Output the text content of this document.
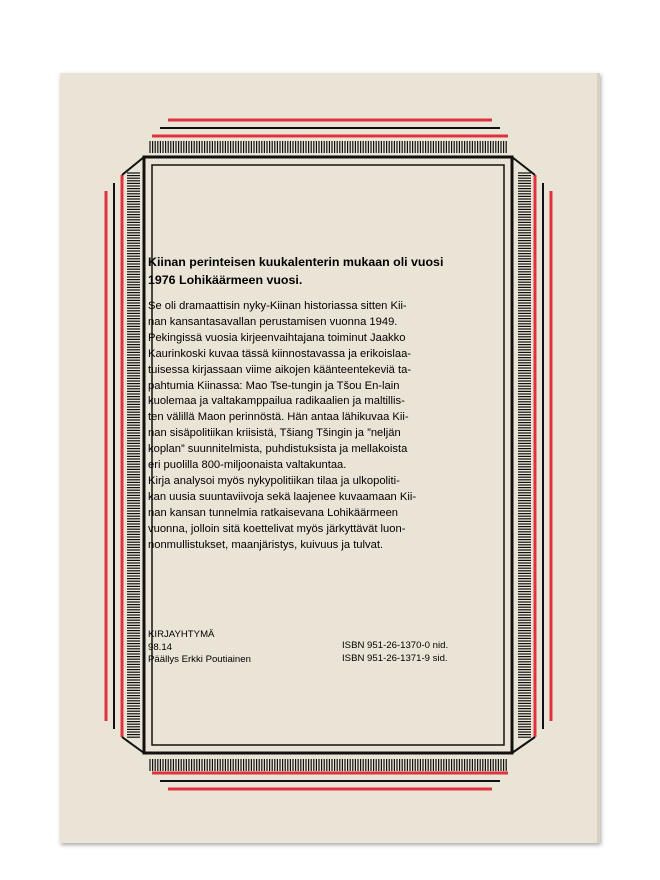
Kiinan perinteisen kuukalenterin mukaan oli vuosi
1976 Lohikäärmeen vuosi.

Se oli dramaattisin nyky-Kiinan historiassa sitten Kii-
nan kansantasavallan perustamisen vuonna 1949.
Pekingissä vuosia kirjeenvaihtajana toiminut Jaakko
Kaurinkoski kuvaa tässä kiinnostavassa ja erikoislaa-
tuisessa kirjassaan viime aikojen käänteentekeviä ta-
pahtumia Kiinassa: Mao Tse-tungin ja Tšou En-lain
kuolemaa ja valtakamppailua radikaalien ja maltillis-
ten välillä Maon perinnöstä. Hän antaa lähikuvaa Kii-
nan sisäpolitiikan kriisistä, Tšiang Tšingin ja ”neljän
koplan” suunnitelmista, puhdistuksista ja mellakoista
eri puolilla 800-miljoonaista valtakuntaa.
Kirja analysoi myös nykypolitiikan tilaa ja ulkopoliti-
kan uusia suuntaviivoja sekä laajenee kuvaamaan Kii-
nan kansan tunnelmia ratkaisevana Lohikäärmeen
vuonna, jolloin sitä koettelivat myös järkyttävät luon-
nonmullistukset, maanjäristys, kuivuus ja tulvat.

KIRJAYHTYMÄ
98.14
Päällys Erkki Poutiainen
ISBN 951-26-1370-0 nid.
ISBN 951-26-1371-9 sid.
